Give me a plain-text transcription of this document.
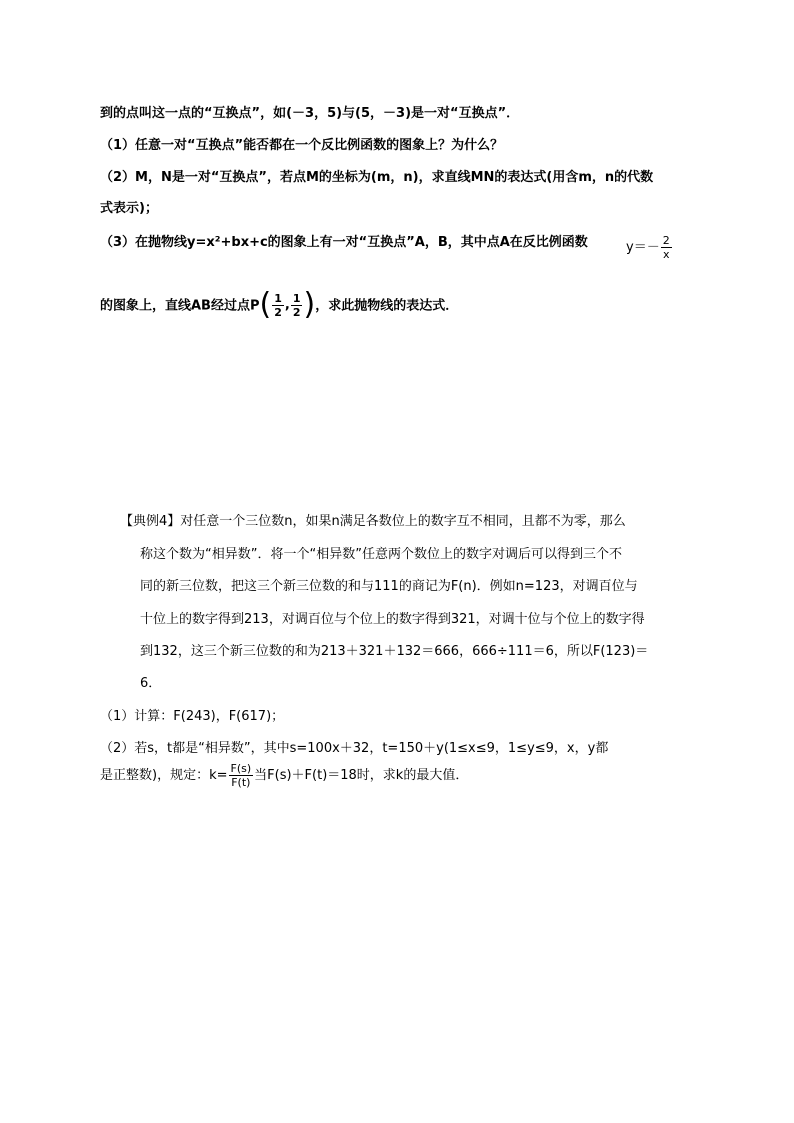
到的点叫这一点的“互换点”，如(－3，5)与(5，－3)是一对“互换点”．
（1）任意一对“互换点”能否都在一个反比例函数的图象上？为什么？
（2）M，N是一对“互换点”，若点M的坐标为(m，n)，求直线MN的表达式(用含m，n的代数
式表示)；
（3）在抛物线y=x²+bx+c的图象上有一对“互换点”A，B，其中点A在反比例函数	$y=- \frac{2}{x}$
的图象上，直线AB经过点$P( \frac{1}{2}$ , $\frac{1}{2}$ )，求此抛物线的表达式．
【典例4】对任意一个三位数n，如果n满足各数位上的数字互不相同，且都不为零，那么
称这个数为“相异数”．将一个“相异数”任意两个数位上的数字对调后可以得到三个不
同的新三位数，把这三个新三位数的和与111的商记为F(n)．例如n=123，对调百位与
十位上的数字得到213，对调百位与个位上的数字得到321，对调十位与个位上的数字得
到132，这三个新三位数的和为213＋321＋132＝666，666÷111＝6，所以F(123)＝
6．
（1）计算：F(243)，F(617)；
（2）若s，t都是“相异数”，其中s=100x＋32，t=150＋y(1≤x≤9，1≤y≤9，x，y都
是正整数)，规定：$k= \frac{F(s)}{F(t)}$ 当F(s)＋F(t)＝18时，求k的最大值．
